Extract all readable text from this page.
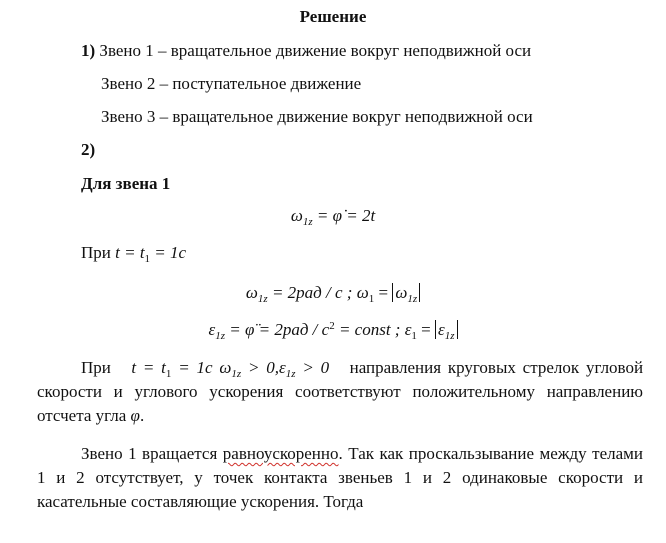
Решение
1) Звено 1 – вращательное движение вокруг неподвижной оси
Звено 2 – поступательное движение
Звено 3 – вращательное движение вокруг неподвижной оси
2)
Для звена 1
$\omega_{1z}$ = φ̇ = 2t
При $t = t_1 = 1c$
$\omega_{1z} = 2рад / c$ ; $\omega_1 = \omega_{1z}$
$\varepsilon_{1z}$ = φ̈ = $2рад / c^2$ = const ; $\varepsilon_1 = \varepsilon_{1z}$
При $t = t_1 = 1c$ $\omega_{1z} > 0,\varepsilon_{1z} > 0$ направления круговых стрелок угловой скорости и углового ускорения соответствуют положительному направлению отсчета угла φ.
Звено 1 вращается равноускоренно. Так как проскальзывание между телами 1 и 2 отсутствует, у точек контакта звеньев 1 и 2 одинаковые скорости и касательные составляющие ускорения. Тогда
